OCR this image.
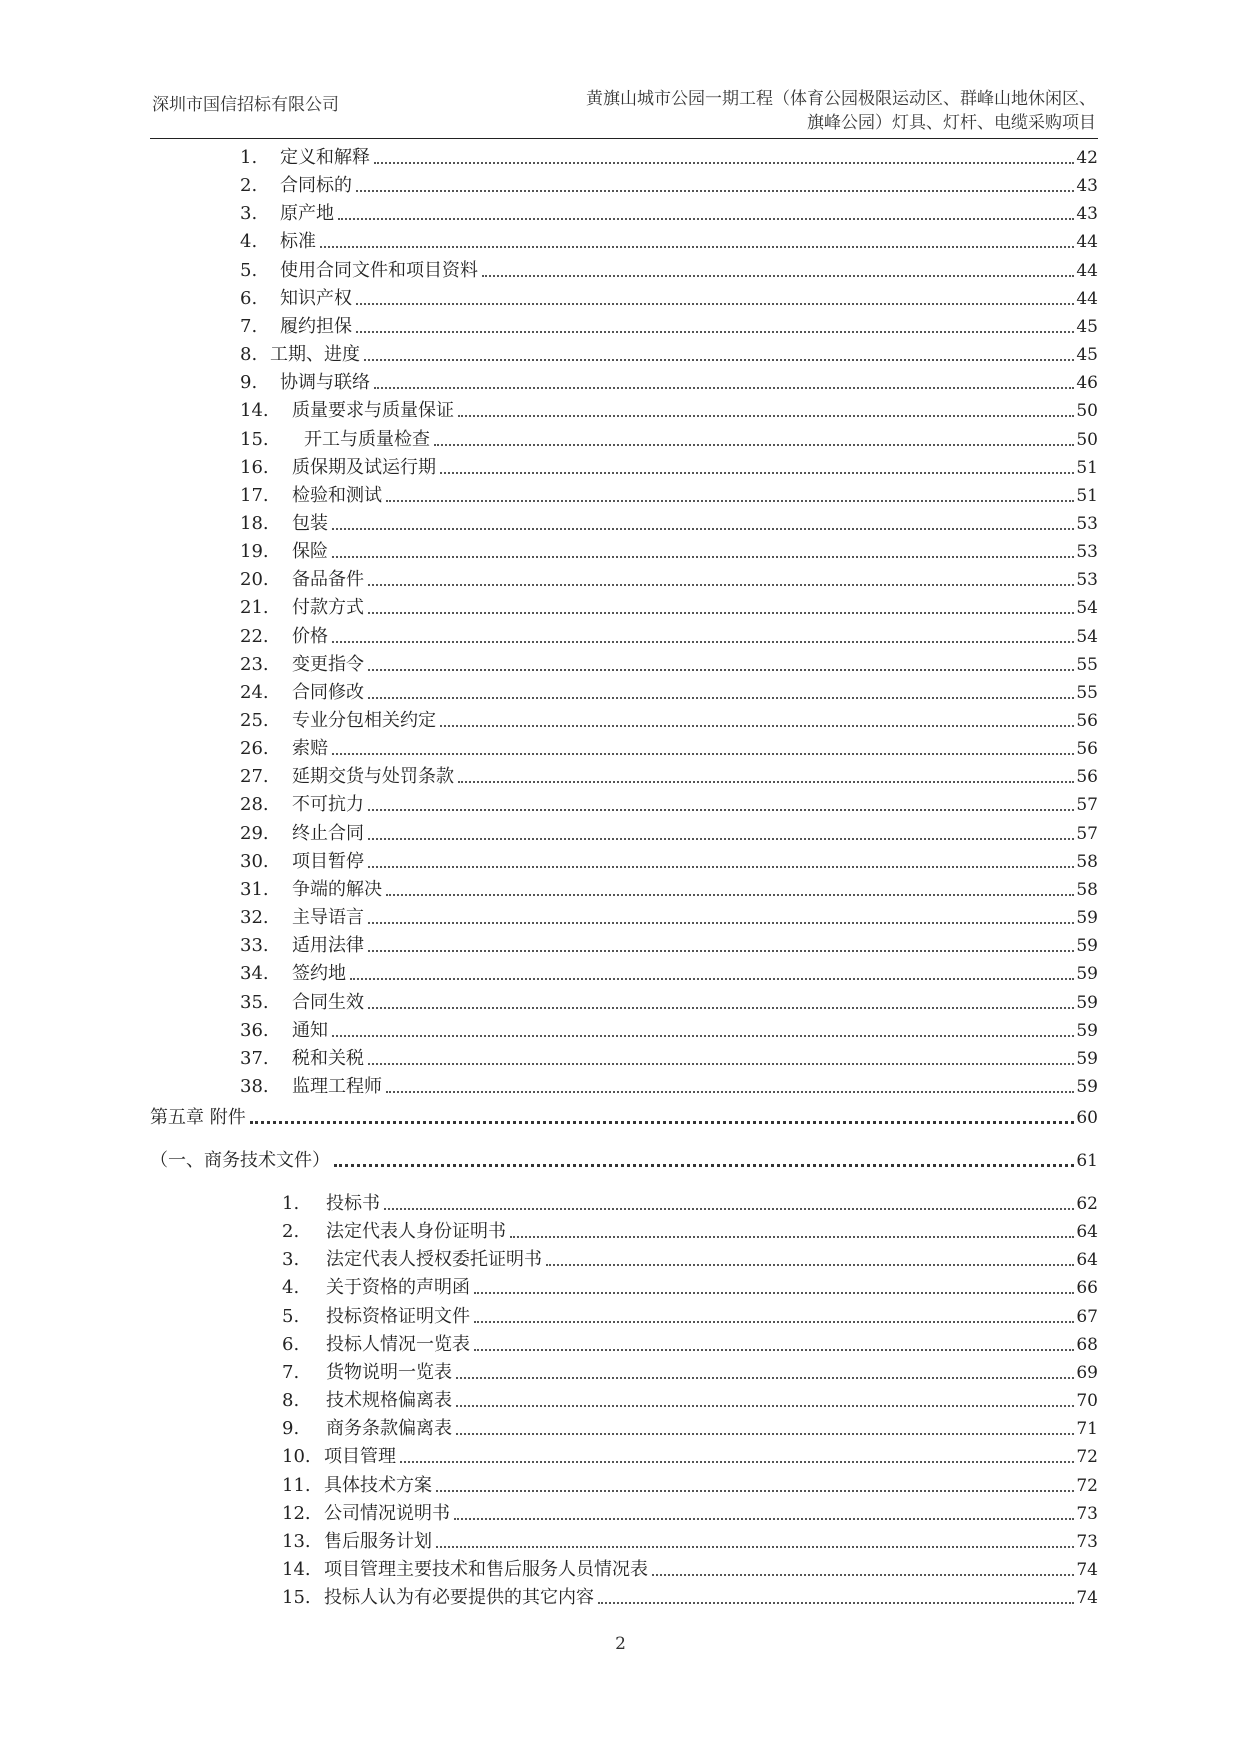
深圳市国信招标有限公司	黄旗山城市公园一期工程（体育公园极限运动区、群峰山地休闲区、
旗峰公园）灯具、灯杆、电缆采购项目
1.	定义和解释	42
2.	合同标的	43
3.	原产地	43
4.	标准	44
5.	使用合同文件和项目资料	44
6.	知识产权	44
7.	履约担保	45
8. 工期、进度	45
9.	协调与联络	46
14.	质量要求与质量保证	50
15.	开工与质量检查	50
16.	质保期及试运行期	51
17.	检验和测试	51
18.	包装	53
19.	保险	53
20.	备品备件	53
21.	付款方式	54
22.	价格	54
23.	变更指令	55
24.	合同修改	55
25.	专业分包相关约定	56
26.	索赔	56
27.	延期交货与处罚条款	56
28.	不可抗力	57
29.	终止合同	57
30.	项目暂停	58
31.	争端的解决	58
32.	主导语言	59
33.	适用法律	59
34.	签约地	59
35.	合同生效	59
36.	通知	59
37.	税和关税	59
38.	监理工程师	59
第五章 附件	60
（一、商务技术文件）	61
1.	投标书	62
2.	法定代表人身份证明书	64
3.	法定代表人授权委托证明书	64
4.	关于资格的声明函	66
5.	投标资格证明文件	67
6.	投标人情况一览表	68
7.	货物说明一览表	69
8.	技术规格偏离表	70
9.	商务条款偏离表	71
10. 项目管理	72
11. 具体技术方案	72
12. 公司情况说明书	73
13. 售后服务计划	73
14. 项目管理主要技术和售后服务人员情况表	74
15. 投标人认为有必要提供的其它内容	74
2
